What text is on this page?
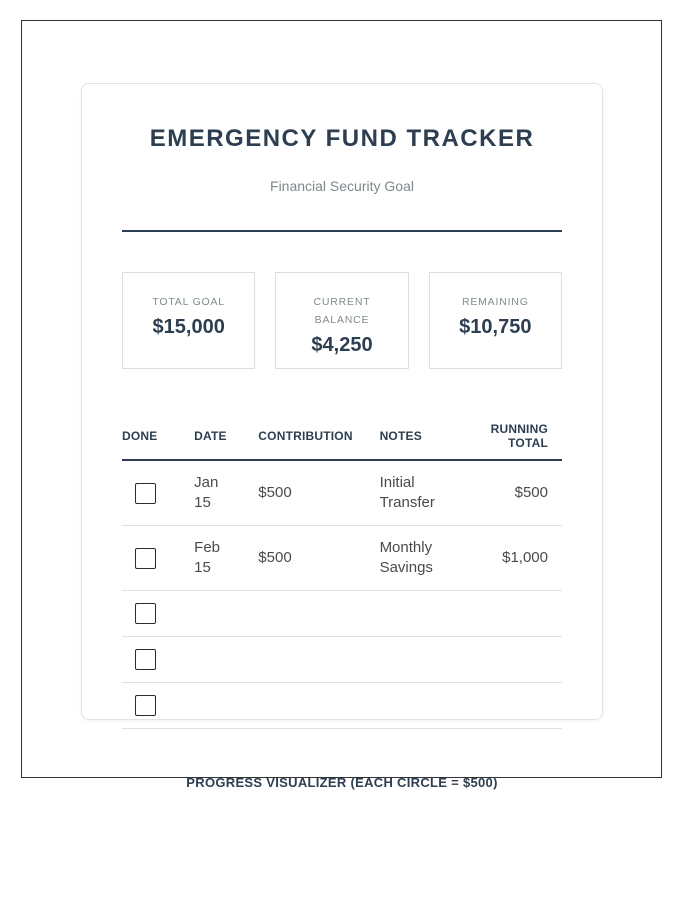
EMERGENCY FUND TRACKER
Financial Security Goal
TOTAL GOAL
$15,000
CURRENT BALANCE
$4,250
REMAINING
$10,750
DONE	DATE	CONTRIBUTION	NOTES	RUNNING TOTAL

	Jan 15	$500	Initial Transfer	$500

	Feb 15	$500	Monthly Savings	$1,000

PROGRESS VISUALIZER (EACH CIRCLE = $500)
